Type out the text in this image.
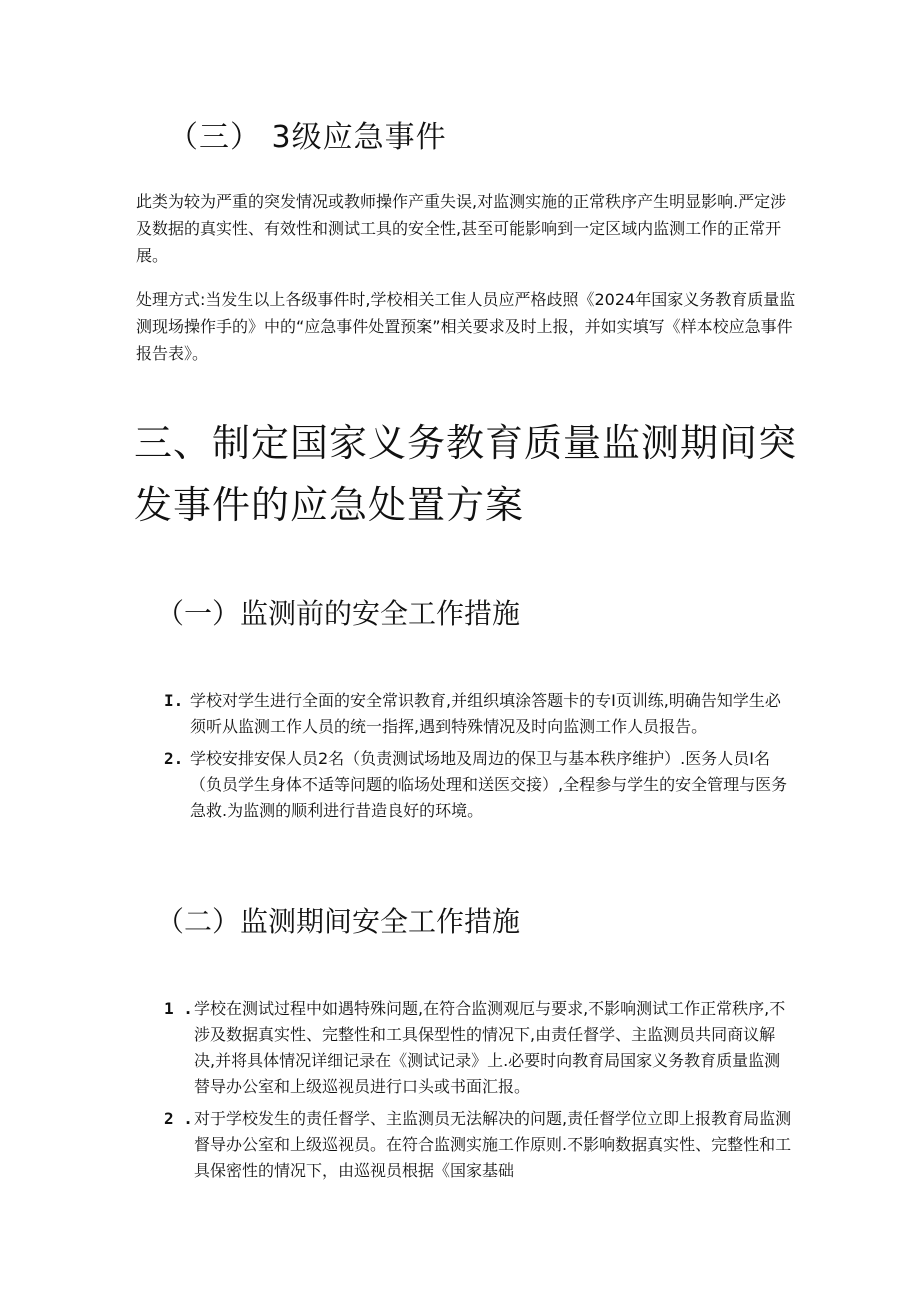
（三） 3级应急事件

此类为较为严重的突发情况或教师操作产重失误,对监测实施的正常秩序产生明显影响.严定涉及数据的真实性、有效性和测试工具的安全性,甚至可能影响到一定区域内监测工作的正常开展。

处理方式:当发生以上各级事件时,学校相关工隹人员应严格歧照《2024年国家义务教育质量监测现场操作手的》中的“应急事件处置预案”相关要求及时上报，并如实填写《样本校应急事件报告表》。

三、制定国家义务教育质量监测期间突发事件的应急处置方案
（一）监测前的安全工作措施
I. 学校对学生进行全面的安全常识教育,并组织填涂答题卡的专I页训练,明确告知学生必须听从监测工作人员的统一指挥,遇到特殊情况及时向监测工作人员报告。
2. 学校安排安保人员2名（负责测试场地及周边的保卫与基本秩序维护）.医务人员I名（负员学生身体不适等问题的临场处理和送医交接）,全程参与学生的安全管理与医务急救.为监测的顺利进行昔造良好的环境。
（二）监测期间安全工作措施
1 . 学校在测试过程中如遇特殊问题,在符合监测观厄与要求,不影响测试工作正常秩序,不涉及数据真实性、完整性和工具保型性的情况下,由责任督学、主监测员共同商议解决,并将具体情况详细记录在《测试记录》上.必要时向教育局国家义务教育质量监测替导办公室和上级巡视员进行口头或书面汇报。
2 . 对于学校发生的责任督学、主监测员无法解决的问题,责任督学位立即上报教育局监测督导办公室和上级巡视员。在符合监测实施工作原则.不影响数据真实性、完整性和工具保密性的情况下，由巡视员根据《国家基础
